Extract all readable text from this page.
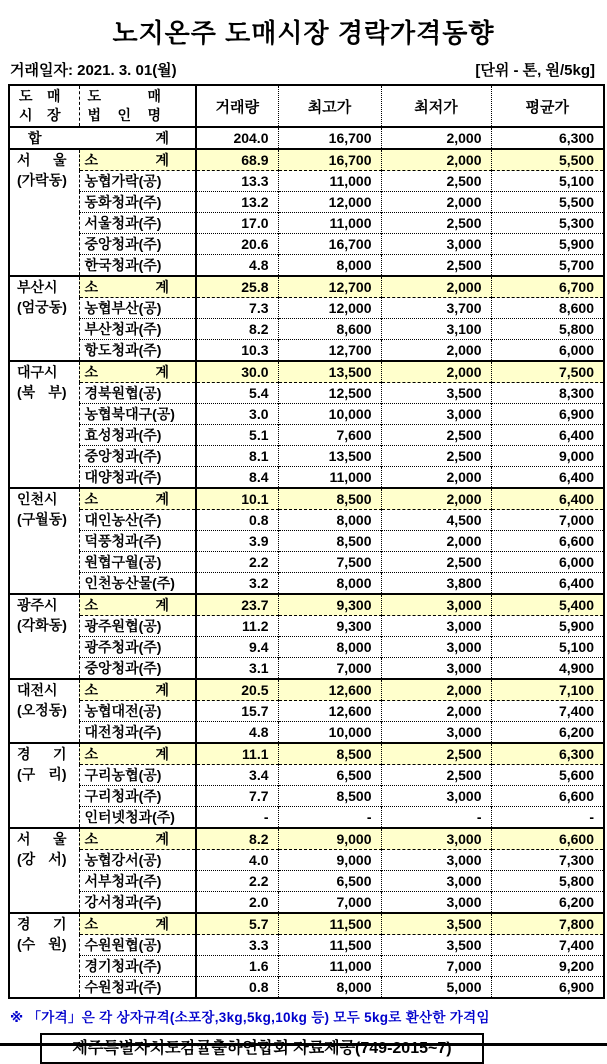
노지온주 도매시장 경락가격동향
거래일자: 2021. 3. 01(월)	[단위 - 톤, 원/5kg]
도 매
시 장

도 매
법 인 명	거래량	최고가	최저가	평균가
합 계		204.0	16,700	2,000	6,300

서 울
(가락동)	소 계	68.9	16,700	2,000	5,500
	농협가락(공)	13.3	11,000	2,500	5,100
	동화청과(주)	13.2	12,000	2,000	5,500
	서울청과(주)	17.0	11,000	2,500	5,300
	중앙청과(주)	20.6	16,700	3,000	5,900
	한국청과(주)	4.8	8,000	2,500	5,700

부산시
(엄궁동)	소 계	25.8	12,700	2,000	6,700
	농협부산(공)	7.3	12,000	3,700	8,600
	부산청과(주)	8.2	8,600	3,100	5,800
	항도청과(주)	10.3	12,700	2,000	6,000

대구시
(북 부)	소 계	30.0	13,500	2,000	7,500
	경북원협(공)	5.4	12,500	3,500	8,300
	농협북대구(공)	3.0	10,000	3,000	6,900
	효성청과(주)	5.1	7,600	2,500	6,400
	중앙청과(주)	8.1	13,500	2,500	9,000
	대양청과(주)	8.4	11,000	2,000	6,400

인천시
(구월동)	소 계	10.1	8,500	2,000	6,400
	대인농산(주)	0.8	8,000	4,500	7,000
	덕풍청과(주)	3.9	8,500	2,000	6,600
	원협구월(공)	2.2	7,500	2,500	6,000
	인천농산물(주)	3.2	8,000	3,800	6,400

광주시
(각화동)	소 계	23.7	9,300	3,000	5,400
	광주원협(공)	11.2	9,300	3,000	5,900
	광주청과(주)	9.4	8,000	3,000	5,100
	중앙청과(주)	3.1	7,000	3,000	4,900

대전시
(오정동)	소 계	20.5	12,600	2,000	7,100
	농협대전(공)	15.7	12,600	2,000	7,400
	대전청과(주)	4.8	10,000	3,000	6,200

경 기
(구 리)	소 계	11.1	8,500	2,500	6,300
	구리농협(공)	3.4	6,500	2,500	5,600
	구리청과(주)	7.7	8,500	3,000	6,600
	인터넷청과(주)	-	-	-	-

서 울
(강 서)	소 계	8.2	9,000	3,000	6,600
	농협강서(공)	4.0	9,000	3,000	7,300
	서부청과(주)	2.2	6,500	3,000	5,800
	강서청과(주)	2.0	7,000	3,000	6,200

경 기
(수 원)	소 계	5.7	11,500	3,500	7,800
	수원원협(공)	3.3	11,500	3,500	7,400
	경기청과(주)	1.6	11,000	7,000	9,200
	수원청과(주)	0.8	8,000	5,000	6,900
※ 「가격」은 각 상자규격(소포장,3kg,5kg,10kg 등) 모두 5kg로 환산한 가격임
제주특별자치도감귤출하연합회 자료제공(749-2015~7)
